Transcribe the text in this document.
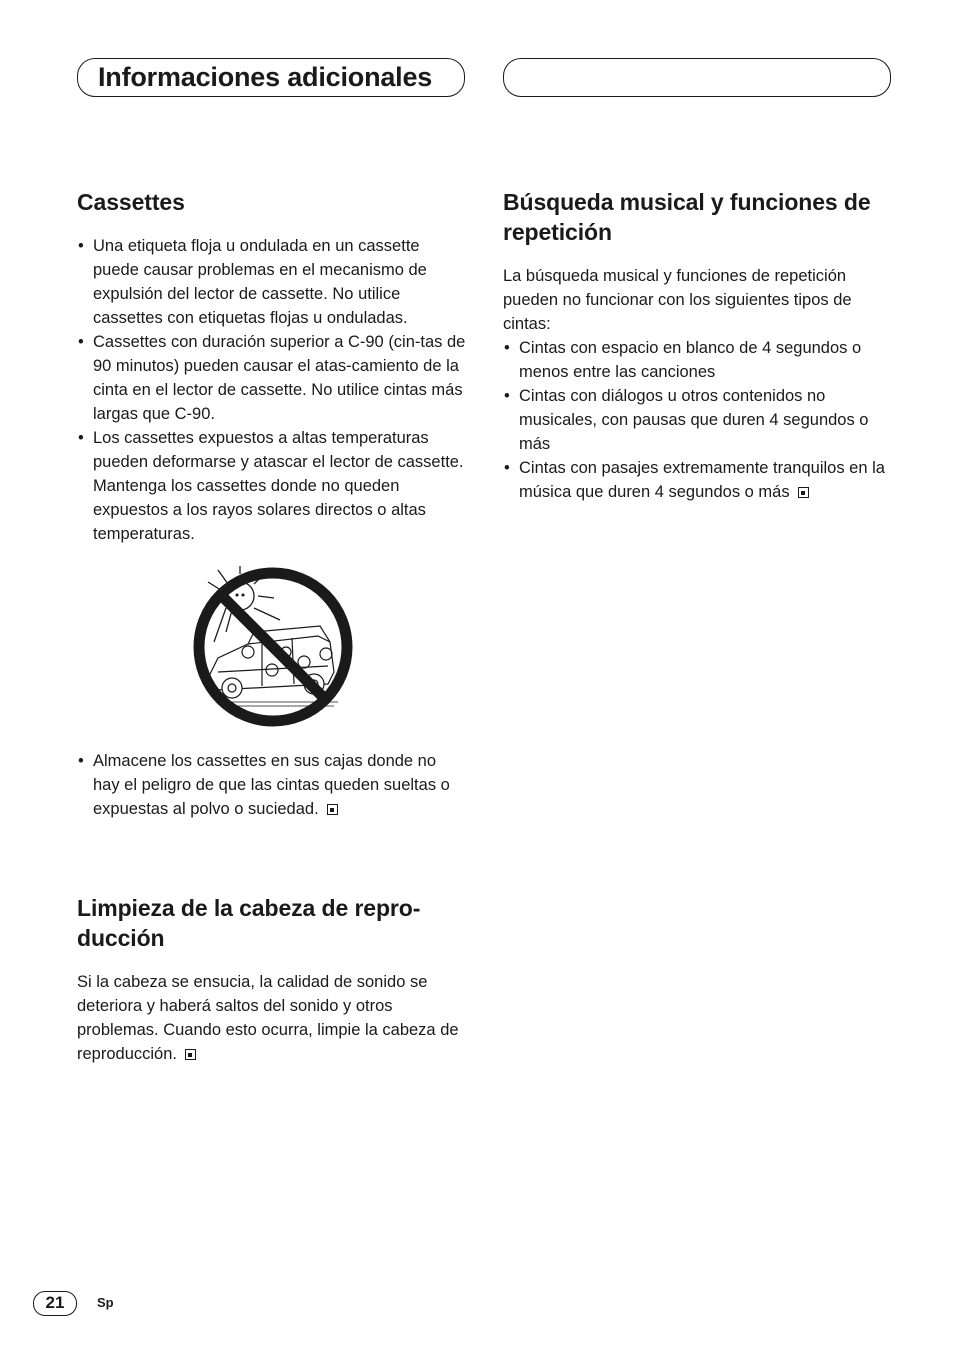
Informaciones adicionales
Cassettes
• Una etiqueta floja u ondulada en un cassette puede causar problemas en el mecanismo de expulsión del lector de cassette. No utilice cassettes con etiquetas flojas u onduladas.
• Cassettes con duración superior a C-90 (cin-tas de 90 minutos) pueden causar el atas-camiento de la cinta en el lector de cassette. No utilice cintas más largas que C-90.
• Los cassettes expuestos a altas temperaturas pueden deformarse y atascar el lector de cassette. Mantenga los cassettes donde no queden expuestos a los rayos solares directos o altas temperaturas.
• Almacene los cassettes en sus cajas donde no hay el peligro de que las cintas queden sueltas o expuestas al polvo o suciedad.
Limpieza de la cabeza de repro-ducción

Si la cabeza se ensucia, la calidad de sonido se deteriora y haberá saltos del sonido y otros problemas. Cuando esto ocurra, limpie la cabeza de reproducción.

Búsqueda musical y funciones de repetición

La búsqueda musical y funciones de repetición pueden no funcionar con los siguientes tipos de cintas:

• Cintas con espacio en blanco de 4 segundos o menos entre las canciones
• Cintas con diálogos u otros contenidos no musicales, con pausas que duren 4 segundos o más
• Cintas con pasajes extremamente tranquilos en la música que duren 4 segundos o más
21	Sp
